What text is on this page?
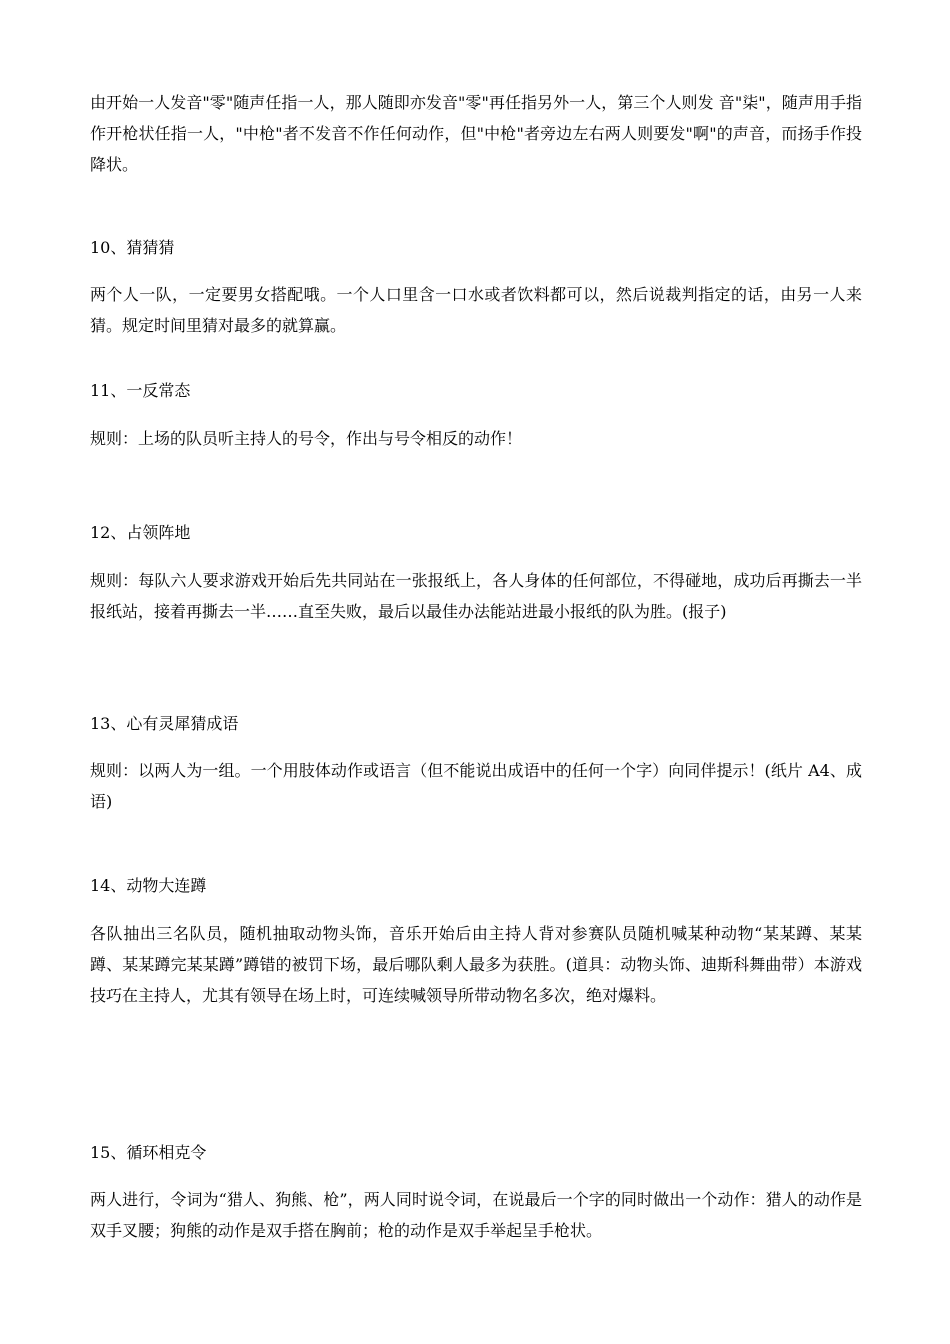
由开始一人发音"零"随声任指一人，那人随即亦发音"零"再任指另外一人，第三个人则发 音"柒"，随声用手指作开枪状任指一人，"中枪"者不发音不作任何动作，但"中枪"者旁边左右两人则要发"啊"的声音，而扬手作投降状。

10、猜猜猜

两个人一队，一定要男女搭配哦。一个人口里含一口水或者饮料都可以，然后说裁判指定的话，由另一人来猜。规定时间里猜对最多的就算赢。

11、一反常态

规则：上场的队员听主持人的号令，作出与号令相反的动作！

12、占领阵地

规则：每队六人要求游戏开始后先共同站在一张报纸上，各人身体的任何部位，不得碰地，成功后再撕去一半报纸站，接着再撕去一半……直至失败，最后以最佳办法能站进最小报纸的队为胜。(报子)

13、心有灵犀猜成语

规则：以两人为一组。一个用肢体动作或语言（但不能说出成语中的任何一个字）向同伴提示！(纸片 A4、成语)

14、动物大连蹲

各队抽出三名队员，随机抽取动物头饰，音乐开始后由主持人背对参赛队员随机喊某种动物“某某蹲、某某蹲、某某蹲完某某蹲”蹲错的被罚下场，最后哪队剩人最多为获胜。(道具：动物头饰、迪斯科舞曲带）本游戏技巧在主持人，尤其有领导在场上时，可连续喊领导所带动物名多次，绝对爆料。

15、循环相克令

两人进行，令词为“猎人、狗熊、枪”，两人同时说令词，在说最后一个字的同时做出一个动作：猎人的动作是双手叉腰；狗熊的动作是双手搭在胸前；枪的动作是双手举起呈手枪状。
